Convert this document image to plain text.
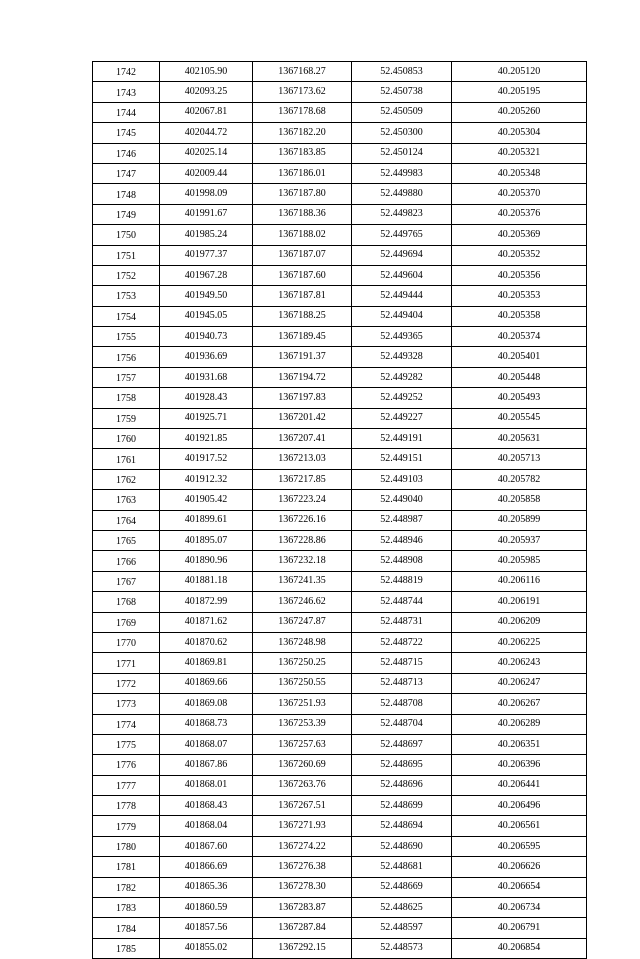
1742	402105.90	1367168.27	52.450853	40.205120
1743	402093.25	1367173.62	52.450738	40.205195
1744	402067.81	1367178.68	52.450509	40.205260
1745	402044.72	1367182.20	52.450300	40.205304
1746	402025.14	1367183.85	52.450124	40.205321
1747	402009.44	1367186.01	52.449983	40.205348
1748	401998.09	1367187.80	52.449880	40.205370
1749	401991.67	1367188.36	52.449823	40.205376
1750	401985.24	1367188.02	52.449765	40.205369
1751	401977.37	1367187.07	52.449694	40.205352
1752	401967.28	1367187.60	52.449604	40.205356
1753	401949.50	1367187.81	52.449444	40.205353
1754	401945.05	1367188.25	52.449404	40.205358
1755	401940.73	1367189.45	52.449365	40.205374
1756	401936.69	1367191.37	52.449328	40.205401
1757	401931.68	1367194.72	52.449282	40.205448
1758	401928.43	1367197.83	52.449252	40.205493
1759	401925.71	1367201.42	52.449227	40.205545
1760	401921.85	1367207.41	52.449191	40.205631
1761	401917.52	1367213.03	52.449151	40.205713
1762	401912.32	1367217.85	52.449103	40.205782
1763	401905.42	1367223.24	52.449040	40.205858
1764	401899.61	1367226.16	52.448987	40.205899
1765	401895.07	1367228.86	52.448946	40.205937
1766	401890.96	1367232.18	52.448908	40.205985
1767	401881.18	1367241.35	52.448819	40.206116
1768	401872.99	1367246.62	52.448744	40.206191
1769	401871.62	1367247.87	52.448731	40.206209
1770	401870.62	1367248.98	52.448722	40.206225
1771	401869.81	1367250.25	52.448715	40.206243
1772	401869.66	1367250.55	52.448713	40.206247
1773	401869.08	1367251.93	52.448708	40.206267
1774	401868.73	1367253.39	52.448704	40.206289
1775	401868.07	1367257.63	52.448697	40.206351
1776	401867.86	1367260.69	52.448695	40.206396
1777	401868.01	1367263.76	52.448696	40.206441
1778	401868.43	1367267.51	52.448699	40.206496
1779	401868.04	1367271.93	52.448694	40.206561
1780	401867.60	1367274.22	52.448690	40.206595
1781	401866.69	1367276.38	52.448681	40.206626
1782	401865.36	1367278.30	52.448669	40.206654
1783	401860.59	1367283.87	52.448625	40.206734
1784	401857.56	1367287.84	52.448597	40.206791
1785	401855.02	1367292.15	52.448573	40.206854
